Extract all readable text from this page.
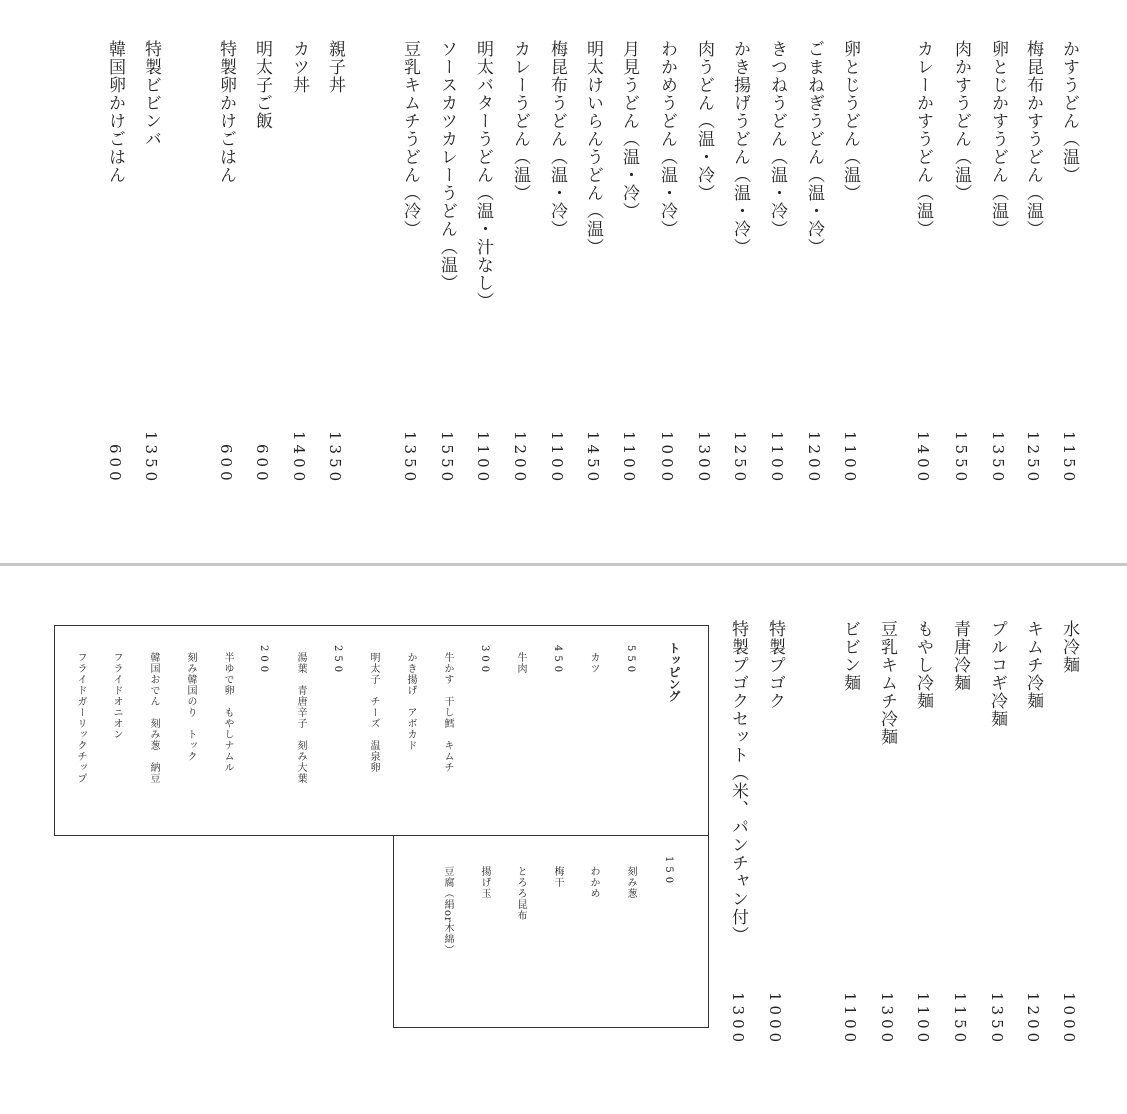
かすうどん（温）
1150
梅昆布かすうどん（温）
1250
卵とじかすうどん（温）
1350
肉かすうどん（温）
1550
カレーかすうどん（温）
1400
卵とじうどん（温）
1100
ごまねぎうどん（温・冷）
1200
きつねうどん（温・冷）
1100
かき揚げうどん（温・冷）
1250
肉うどん（温・冷）
1300
わかめうどん（温・冷）
1000
月見うどん（温・冷）
1100
明太けいらんうどん（温）
1450
梅昆布うどん（温・冷）
1100
カレーうどん（温）
1200
明太バターうどん（温・汁なし）
1100
ソースカツカレーうどん（温）
1550
豆乳キムチうどん（冷）
1350
親子丼
1350
カツ丼
1400
明太子ご飯
600
特製卵かけごはん
600
特製ビビンバ
1350
韓国卵かけごはん
600
水冷麺
1000
キムチ冷麺
1200
プルコギ冷麺
1350
青唐冷麺
1150
もやし冷麺
1100
豆乳キムチ冷麺
1300
ビビン麺
1100
特製プゴク
1000
特製プゴクセット（米、パンチャン付）
1300
トッピング
550
カツ
450
牛肉
300
牛かす　干し鱈　キムチ
かき揚げ　アボカド
明太子　チーズ　温泉卵
250
湯葉　青唐辛子　刻み大葉
200
半ゆで卵　もやしナムル
刻み韓国のり　トック
韓国おでん　刻み葱　納豆
フライドオニオン
フライドガーリックチップ
150
刻み葱
わかめ
梅干
とろろ昆布
揚げ玉
豆腐（絹or木綿）
